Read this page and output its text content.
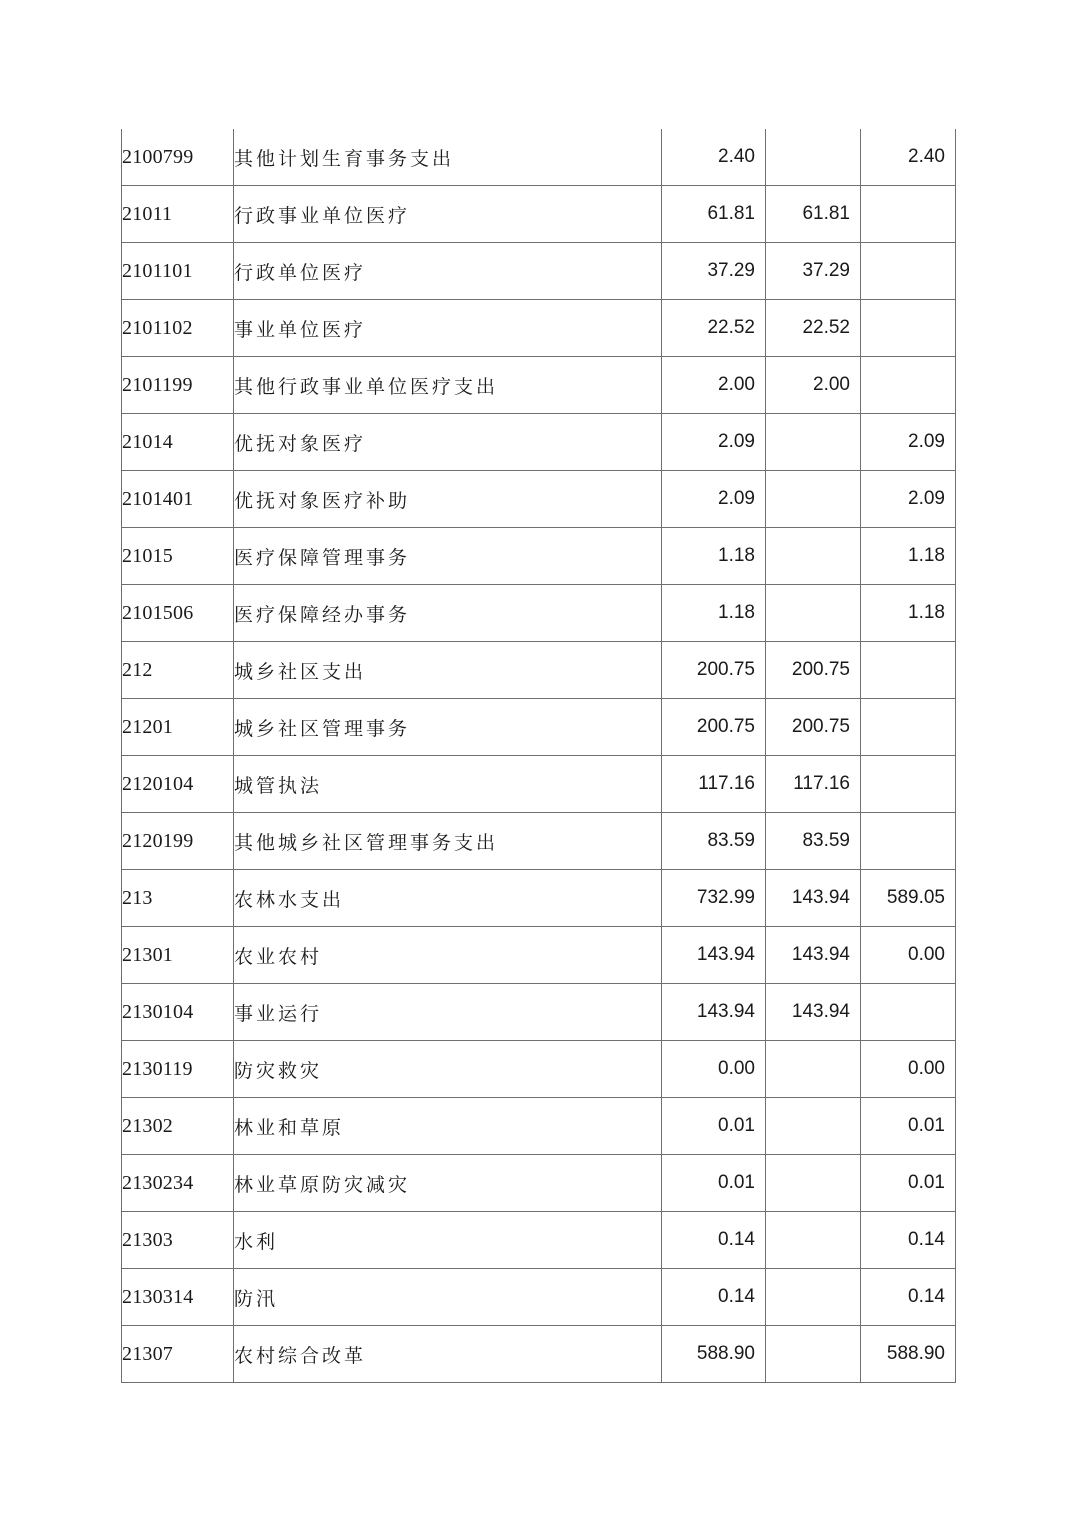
2100799	其他计划生育事务支出	2.40		2.40
21011	行政事业单位医疗	61.81	61.81	
2101101	行政单位医疗	37.29	37.29	
2101102	事业单位医疗	22.52	22.52	
2101199	其他行政事业单位医疗支出	2.00	2.00	
21014	优抚对象医疗	2.09		2.09
2101401	优抚对象医疗补助	2.09		2.09
21015	医疗保障管理事务	1.18		1.18
2101506	医疗保障经办事务	1.18		1.18
212	城乡社区支出	200.75	200.75	
21201	城乡社区管理事务	200.75	200.75	
2120104	城管执法	117.16	117.16	
2120199	其他城乡社区管理事务支出	83.59	83.59	
213	农林水支出	732.99	143.94	589.05
21301	农业农村	143.94	143.94	0.00
2130104	事业运行	143.94	143.94	
2130119	防灾救灾	0.00		0.00
21302	林业和草原	0.01		0.01
2130234	林业草原防灾减灾	0.01		0.01
21303	水利	0.14		0.14
2130314	防汛	0.14		0.14
21307	农村综合改革	588.90		588.90
